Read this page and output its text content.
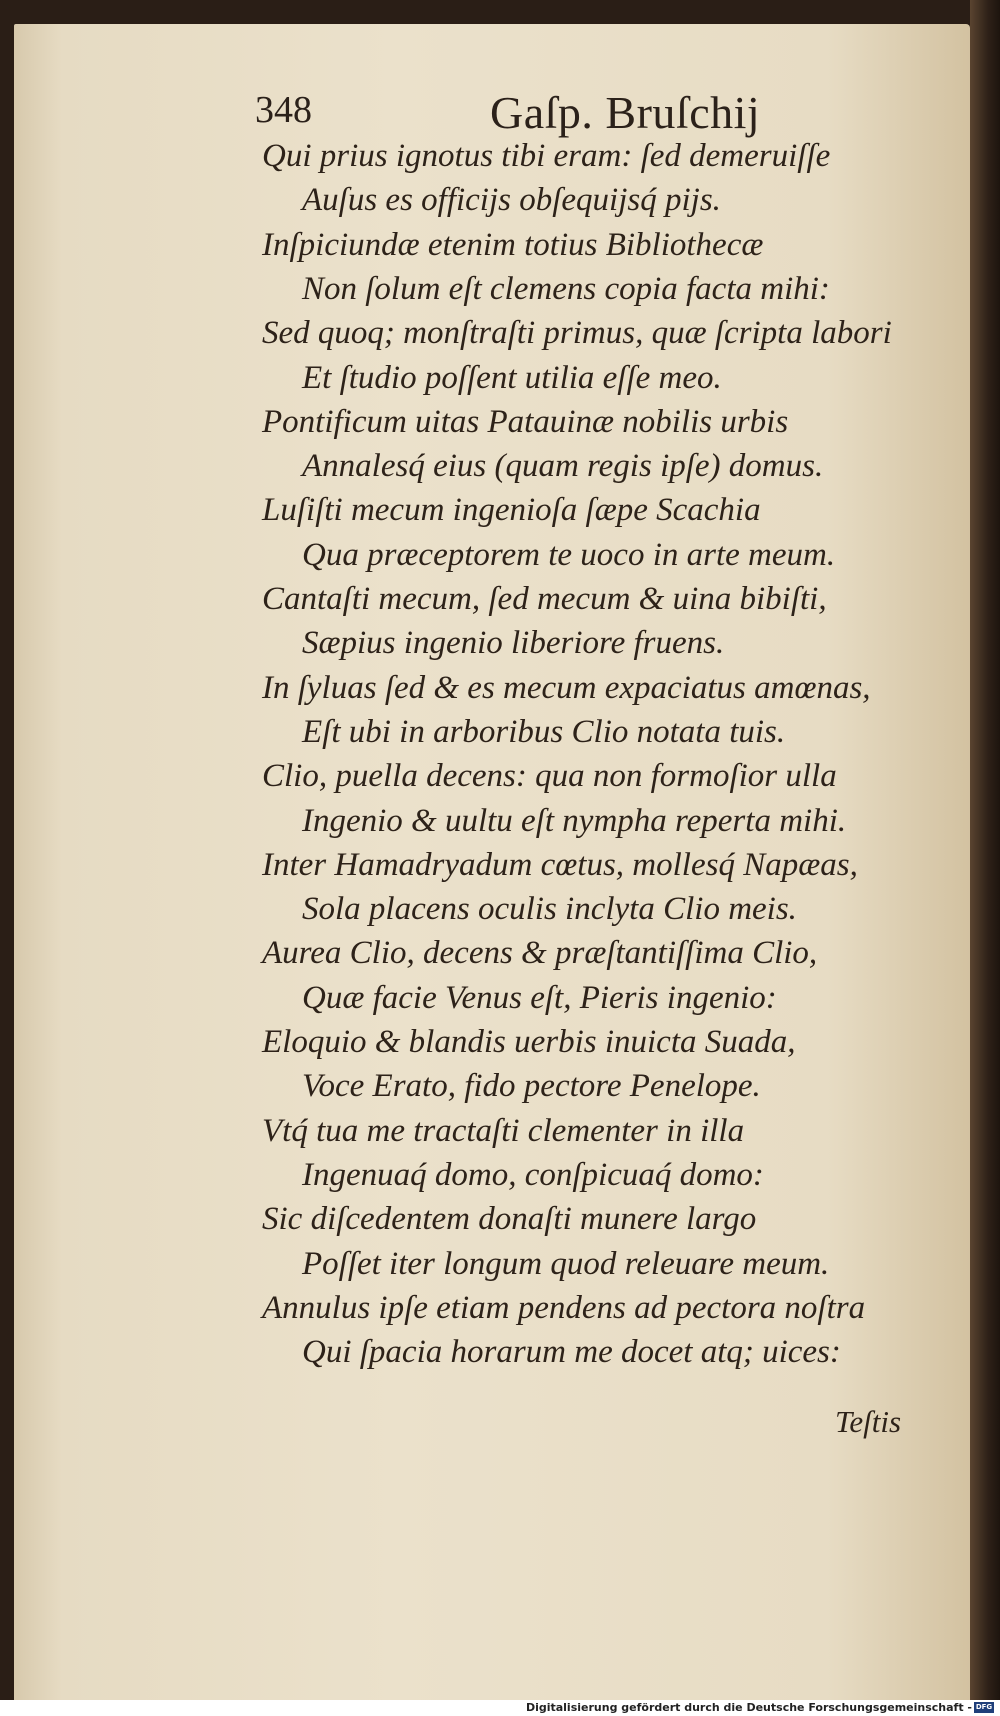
348	Gaſp. Bruſchij
Qui prius ignotus tibi eram: ſed demeruiſſe
Auſus es officijs obſequijsq́ pijs.
Inſpiciundæ etenim totius Bibliothecæ
Non ſolum eſt clemens copia facta mihi:
Sed quoq; monſtraſti primus, quæ ſcripta labori
Et ſtudio poſſent utilia eſſe meo.
Pontificum uitas Patauinæ nobilis urbis
Annalesq́ eius (quam regis ipſe) domus.
Luſiſti mecum ingenioſa ſæpe Scachia
Qua præceptorem te uoco in arte meum.
Cantaſti mecum, ſed mecum & uina bibiſti,
Sæpius ingenio liberiore fruens.
In ſyluas ſed & es mecum expaciatus amœnas,
Eſt ubi in arboribus Clio notata tuis.
Clio, puella decens: qua non formoſior ulla
Ingenio & uultu eſt nympha reperta mihi.
Inter Hamadryadum cœtus, mollesq́ Napæas,
Sola placens oculis inclyta Clio meis.
Aurea Clio, decens & præſtantiſſima Clio,
Quæ facie Venus eſt, Pieris ingenio:
Eloquio & blandis uerbis inuicta Suada,
Voce Erato, fido pectore Penelope.
Vtq́ tua me tractaſti clementer in illa
Ingenuaq́ domo, conſpicuaq́ domo:
Sic diſcedentem donaſti munere largo
Poſſet iter longum quod releuare meum.
Annulus ipſe etiam pendens ad pectora noſtra
Qui ſpacia horarum me docet atq; uices:
Teſtis
Digitalisierung gefördert durch die Deutsche Forschungsgemeinschaft - DFG
